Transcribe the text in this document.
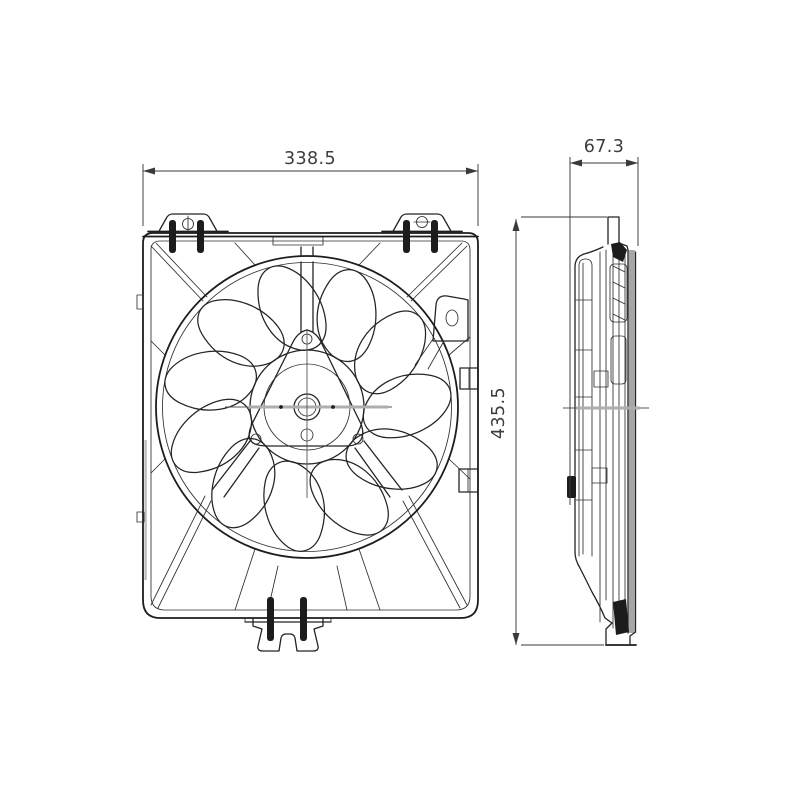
338.5
67.3
435.5
